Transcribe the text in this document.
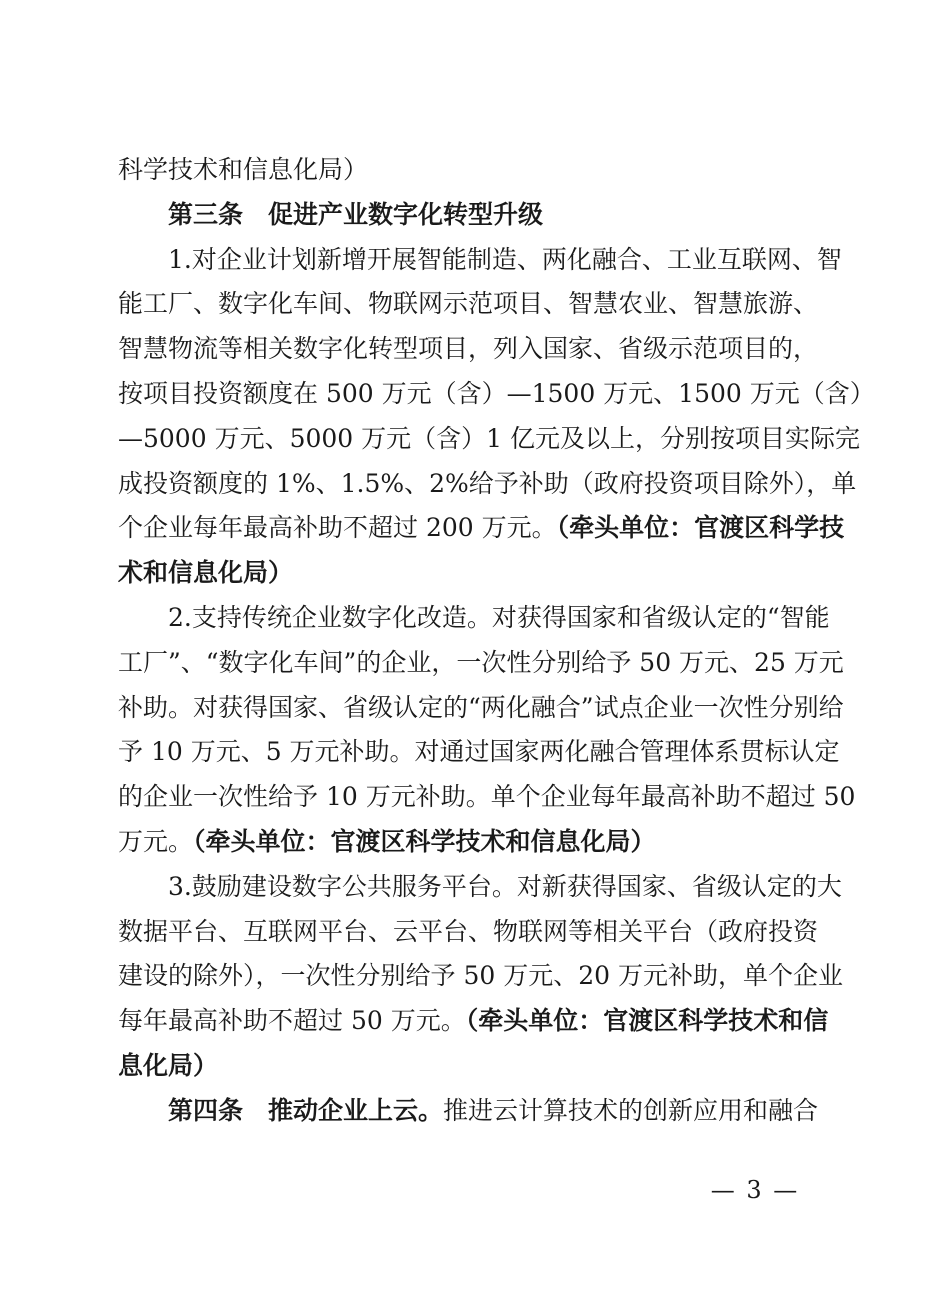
科学技术和信息化局）
第三条　促进产业数字化转型升级
1.对企业计划新增开展智能制造、两化融合、工业互联网、智
能工厂、数字化车间、物联网示范项目、智慧农业、智慧旅游、
智慧物流等相关数字化转型项目，列入国家、省级示范项目的，
按项目投资额度在 500 万元（含）—1500 万元、1500 万元（含）
—5000 万元、5000 万元（含）1 亿元及以上，分别按项目实际完
成投资额度的 1%、1.5%、2%给予补助（政府投资项目除外），单
个企业每年最高补助不超过 200 万元。（牵头单位：官渡区科学技
术和信息化局）
2.支持传统企业数字化改造。对获得国家和省级认定的“智能
工厂”、“数字化车间”的企业，一次性分别给予 50 万元、25 万元
补助。对获得国家、省级认定的“两化融合”试点企业一次性分别给
予 10 万元、5 万元补助。对通过国家两化融合管理体系贯标认定
的企业一次性给予 10 万元补助。单个企业每年最高补助不超过 50
万元。（牵头单位：官渡区科学技术和信息化局）
3.鼓励建设数字公共服务平台。对新获得国家、省级认定的大
数据平台、互联网平台、云平台、物联网等相关平台（政府投资
建设的除外），一次性分别给予 50 万元、20 万元补助，单个企业
每年最高补助不超过 50 万元。（牵头单位：官渡区科学技术和信
息化局）
第四条　推动企业上云。推进云计算技术的创新应用和融合
— 3 —
